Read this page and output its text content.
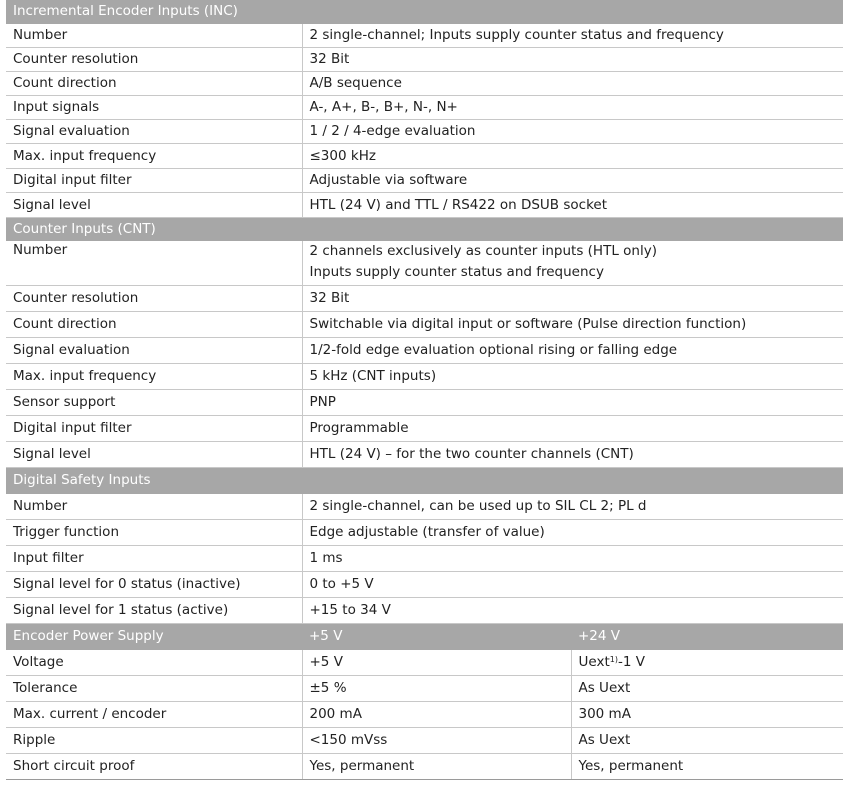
Incremental Encoder Inputs (INC)		
Number	2 single-channel; Inputs supply counter status and frequency	
Counter resolution	32 Bit	
Count direction	A/B sequence	
Input signals	A-, A+, B-, B+, N-, N+	
Signal evaluation	1 / 2 / 4-edge evaluation	
Max. input frequency	≤300 kHz	
Digital input filter	Adjustable via software	
Signal level	HTL (24 V) and TTL / RS422 on DSUB socket	
Counter Inputs (CNT)		
Number	2 channels exclusively as counter inputs (HTL only)
Inputs supply counter status and frequency	

Counter resolution	32 Bit	
Count direction	Switchable via digital input or software (Pulse direction function)	
Signal evaluation	1/2-fold edge evaluation optional rising or falling edge	
Max. input frequency	5 kHz (CNT inputs)	
Sensor support	PNP	
Digital input filter	Programmable	
Signal level	HTL (24 V) – for the two counter channels (CNT)	
Digital Safety Inputs		
Number	2 single-channel, can be used up to SIL CL 2; PL d	
Trigger function	Edge adjustable (transfer of value)	
Input filter	1 ms	
Signal level for 0 status (inactive)	0 to +5 V	
Signal level for 1 status (active)	+15 to 34 V	
Encoder Power Supply	+5 V	+24 V
Voltage	+5 V	Uext$^{1)}$-1 V
Tolerance	±5 %	As Uext
Max. current / encoder	200 mA	300 mA
Ripple	<150 mVss	As Uext
Short circuit proof	Yes, permanent	Yes, permanent
